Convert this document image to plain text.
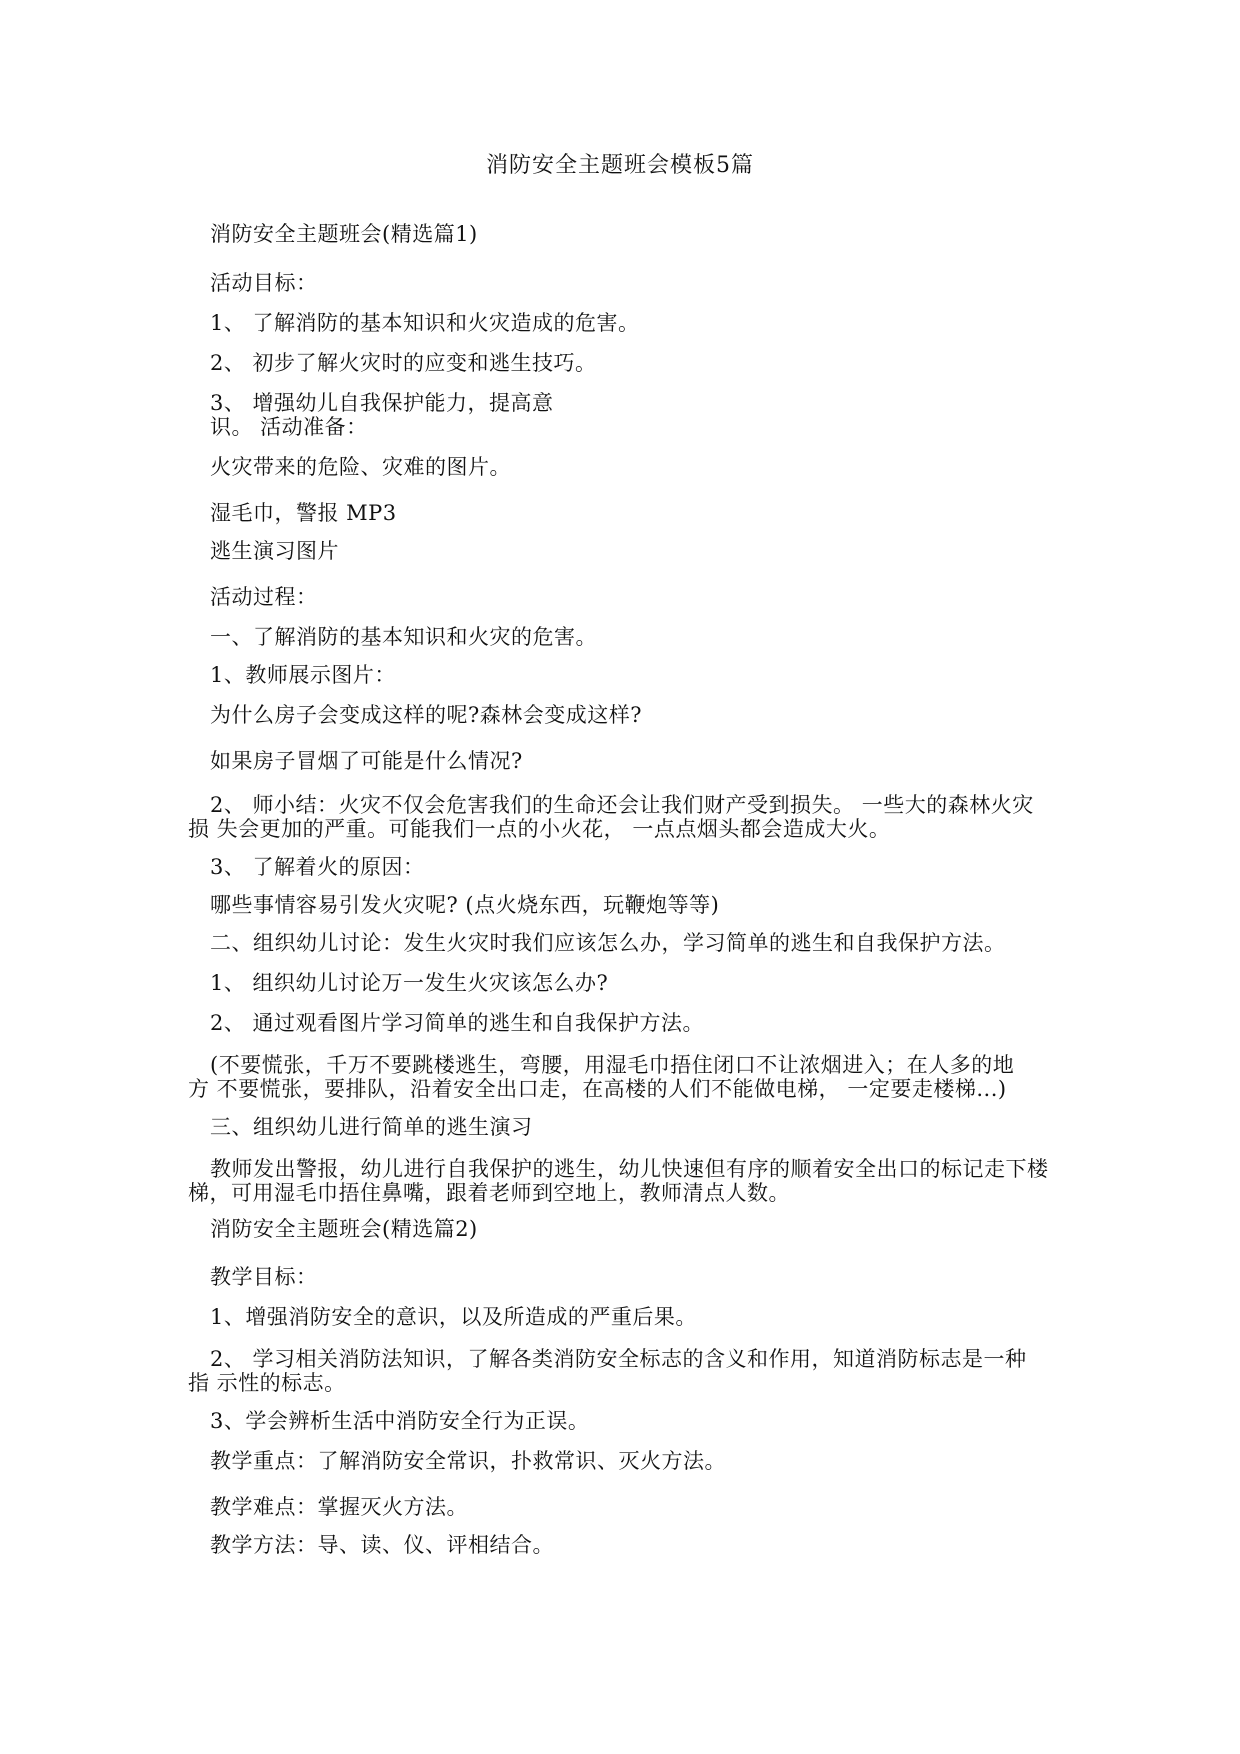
消防安全主题班会模板5篇
消防安全主题班会(精选篇1)
活动目标：
1、 了解消防的基本知识和火灾造成的危害。
2、 初步了解火灾时的应变和逃生技巧。
3、 增强幼儿自我保护能力，提高意
识。 活动准备：
火灾带来的危险、灾难的图片。
湿毛巾，警报 MP3
逃生演习图片
活动过程：
一、了解消防的基本知识和火灾的危害。
1、教师展示图片：
为什么房子会变成这样的呢?森林会变成这样?
如果房子冒烟了可能是什么情况?
2、 师小结：火灾不仅会危害我们的生命还会让我们财产受到损失。 一些大的森林火灾
损 失会更加的严重。可能我们一点的小火花， 一点点烟头都会造成大火。
3、 了解着火的原因：
哪些事情容易引发火灾呢? (点火烧东西，玩鞭炮等等)
二、组织幼儿讨论：发生火灾时我们应该怎么办，学习简单的逃生和自我保护方法。
1、 组织幼儿讨论万一发生火灾该怎么办?
2、 通过观看图片学习简单的逃生和自我保护方法。
(不要慌张，千万不要跳楼逃生，弯腰，用湿毛巾捂住闭口不让浓烟进入；在人多的地
方 不要慌张，要排队，沿着安全出口走，在高楼的人们不能做电梯， 一定要走楼梯...)
三、组织幼儿进行简单的逃生演习
教师发出警报，幼儿进行自我保护的逃生，幼儿快速但有序的顺着安全出口的标记走下楼
梯，可用湿毛巾捂住鼻嘴，跟着老师到空地上，教师清点人数。
消防安全主题班会(精选篇2)
教学目标：
1、增强消防安全的意识，以及所造成的严重后果。
2、 学习相关消防法知识，了解各类消防安全标志的含义和作用，知道消防标志是一种
指 示性的标志。
3、学会辨析生活中消防安全行为正误。
教学重点：了解消防安全常识，扑救常识、灭火方法。
教学难点：掌握灭火方法。
教学方法：导、读、仪、评相结合。
